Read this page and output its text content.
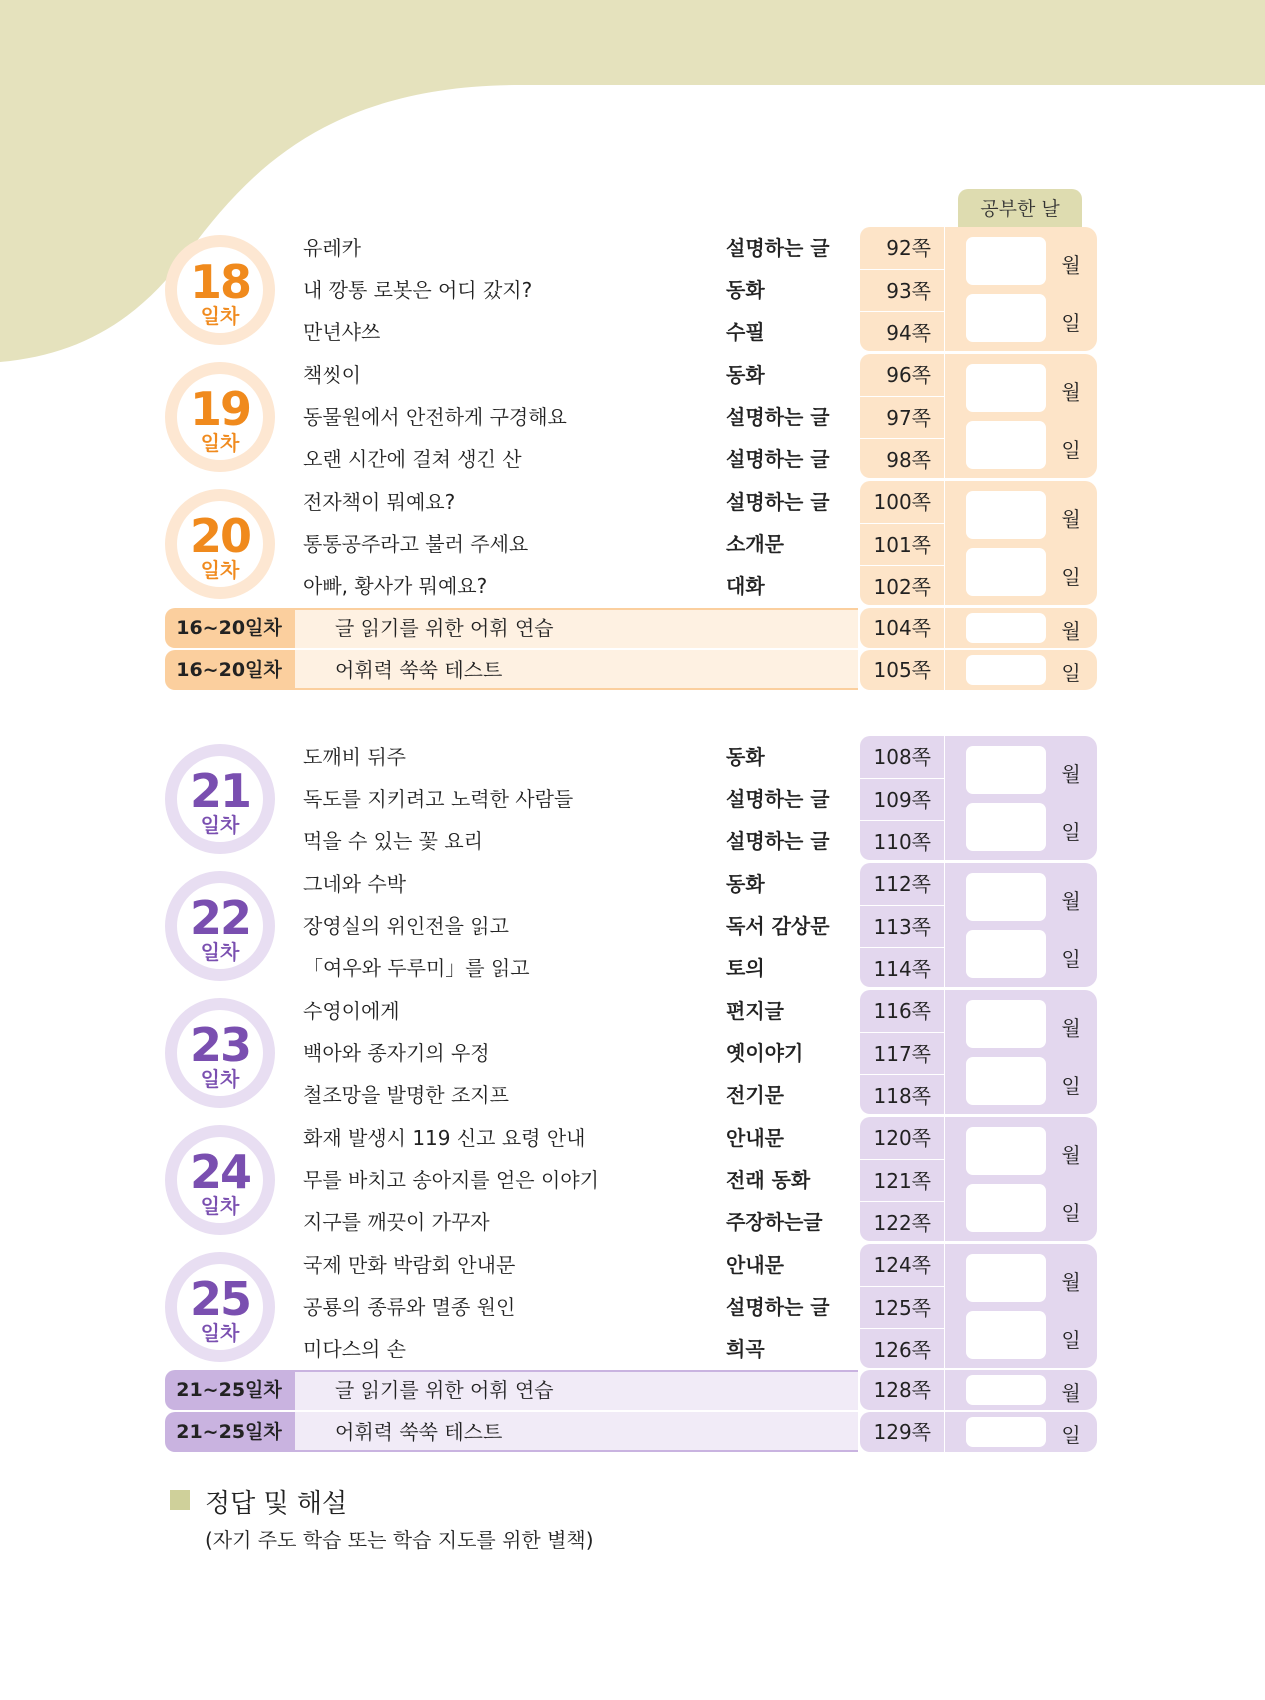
공부한 날
월
일
18
일차
유레카	설명하는 글	92쪽
내 깡통 로봇은 어디 갔지?	동화	93쪽
만년샤쓰	수필	94쪽
월
일
19
일차
책씻이	동화	96쪽
동물원에서 안전하게 구경해요	설명하는 글	97쪽
오랜 시간에 걸쳐 생긴 산	설명하는 글	98쪽
월
일
20
일차
전자책이 뭐예요?	설명하는 글	100쪽
통통공주라고 불러 주세요	소개문	101쪽
아빠, 황사가 뭐예요?	대화	102쪽
월
일
21
일차
도깨비 뒤주	동화	108쪽
독도를 지키려고 노력한 사람들	설명하는 글	109쪽
먹을 수 있는 꽃 요리	설명하는 글	110쪽
월
일
22
일차
그네와 수박	동화	112쪽
장영실의 위인전을 읽고	독서 감상문	113쪽
「여우와 두루미」를 읽고	토의	114쪽
월
일
23
일차
수영이에게	편지글	116쪽
백아와 종자기의 우정	옛이야기	117쪽
철조망을 발명한 조지프	전기문	118쪽
월
일
24
일차
화재 발생시 119 신고 요령 안내	안내문	120쪽
무를 바치고 송아지를 얻은 이야기	전래 동화	121쪽
지구를 깨끗이 가꾸자	주장하는글	122쪽
월
일
25
일차
국제 만화 박람회 안내문	안내문	124쪽
공룡의 종류와 멸종 원인	설명하는 글	125쪽
미다스의 손	희곡	126쪽
16~20일차	글 읽기를 위한 어휘 연습	104쪽	월
16~20일차	어휘력 쑥쑥 테스트	105쪽	일
21~25일차	글 읽기를 위한 어휘 연습	128쪽	월
21~25일차	어휘력 쑥쑥 테스트	129쪽	일
정답 및 해설
(자기 주도 학습 또는 학습 지도를 위한 별책)
